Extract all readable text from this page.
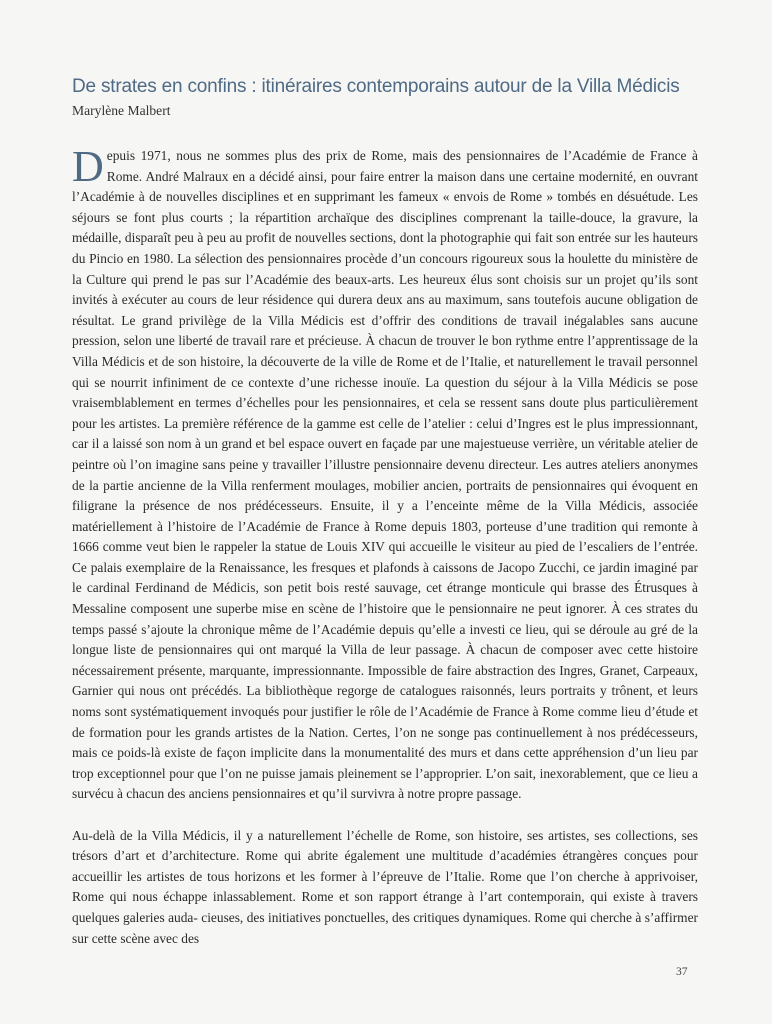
De strates en confins : itinéraires contemporains autour de la Villa Médicis
Marylène Malbert

Depuis 1971, nous ne sommes plus des prix de Rome, mais des pensionnaires de l’Académie de France à Rome. André Malraux en a décidé ainsi, pour faire entrer la maison dans une certaine modernité, en ouvrant l’Académie à de nouvelles disciplines et en supprimant les fameux « envois de Rome » tombés en désuétude. Les séjours se font plus courts ; la répartition archaïque des disciplines comprenant la taille-douce, la gravure, la médaille, disparaît peu à peu au profit de nouvelles sections, dont la photographie qui fait son entrée sur les hauteurs du Pincio en 1980. La sélection des pensionnaires procède d’un concours rigoureux sous la houlette du ministère de la Culture qui prend le pas sur l’Académie des beaux-arts. Les heureux élus sont choisis sur un projet qu’ils sont invités à exécuter au cours de leur résidence qui durera deux ans au maximum, sans toutefois aucune obligation de résultat. Le grand privilège de la Villa Médicis est d’offrir des conditions de travail inégalables sans aucune pression, selon une liberté de travail rare et précieuse. À chacun de trouver le bon rythme entre l’apprentissage de la Villa Médicis et de son histoire, la découverte de la ville de Rome et de l’Italie, et naturellement le travail personnel qui se nourrit infiniment de ce contexte d’une richesse inouïe. La question du séjour à la Villa Médicis se pose vraisemblablement en termes d’échelles pour les pensionnaires, et cela se ressent sans doute plus particulièrement pour les artistes. La première référence de la gamme est celle de l’atelier : celui d’Ingres est le plus impressionnant, car il a laissé son nom à un grand et bel espace ouvert en façade par une majestueuse verrière, un véritable atelier de peintre où l’on imagine sans peine y travailler l’illustre pensionnaire devenu directeur. Les autres ateliers anonymes de la partie ancienne de la Villa renferment moulages, mobilier ancien, portraits de pensionnaires qui évoquent en filigrane la présence de nos prédécesseurs. Ensuite, il y a l’enceinte même de la Villa Médicis, associée matériellement à l’histoire de l’Académie de France à Rome depuis 1803, porteuse d’une tradition qui remonte à 1666 comme veut bien le rappeler la statue de Louis XIV qui accueille le visiteur au pied de l’escaliers de l’entrée. Ce palais exemplaire de la Renaissance, les fresques et plafonds à caissons de Jacopo Zucchi, ce jardin imaginé par le cardinal Ferdinand de Médicis, son petit bois resté sauvage, cet étrange monticule qui brasse des Étrusques à Messaline composent une superbe mise en scène de l’histoire que le pensionnaire ne peut ignorer. À ces strates du temps passé s’ajoute la chronique même de l’Académie depuis qu’elle a investi ce lieu, qui se déroule au gré de la longue liste de pensionnaires qui ont marqué la Villa de leur passage. À chacun de composer avec cette histoire nécessairement présente, marquante, impressionnante. Impossible de faire abstraction des Ingres, Granet, Carpeaux, Garnier qui nous ont précédés. La bibliothèque regorge de catalogues raisonnés, leurs portraits y trônent, et leurs noms sont systématiquement invoqués pour justifier le rôle de l’Académie de France à Rome comme lieu d’étude et de formation pour les grands artistes de la Nation. Certes, l’on ne songe pas continuellement à nos prédécesseurs, mais ce poids-là existe de façon implicite dans la monumentalité des murs et dans cette appréhension d’un lieu par trop exceptionnel pour que l’on ne puisse jamais pleinement se l’approprier. L’on sait, inexorablement, que ce lieu a survécu à chacun des anciens pensionnaires et qu’il survivra à notre propre passage.

Au-delà de la Villa Médicis, il y a naturellement l’échelle de Rome, son histoire, ses artistes, ses collections, ses trésors d’art et d’architecture. Rome qui abrite également une multitude d’académies étrangères conçues pour accueillir les artistes de tous horizons et les former à l’épreuve de l’Italie. Rome que l’on cherche à apprivoiser, Rome qui nous échappe inlassablement. Rome et son rapport étrange à l’art contemporain, qui existe à travers quelques galeries auda- cieuses, des initiatives ponctuelles, des critiques dynamiques. Rome qui cherche à s’affirmer sur cette scène avec des

37
